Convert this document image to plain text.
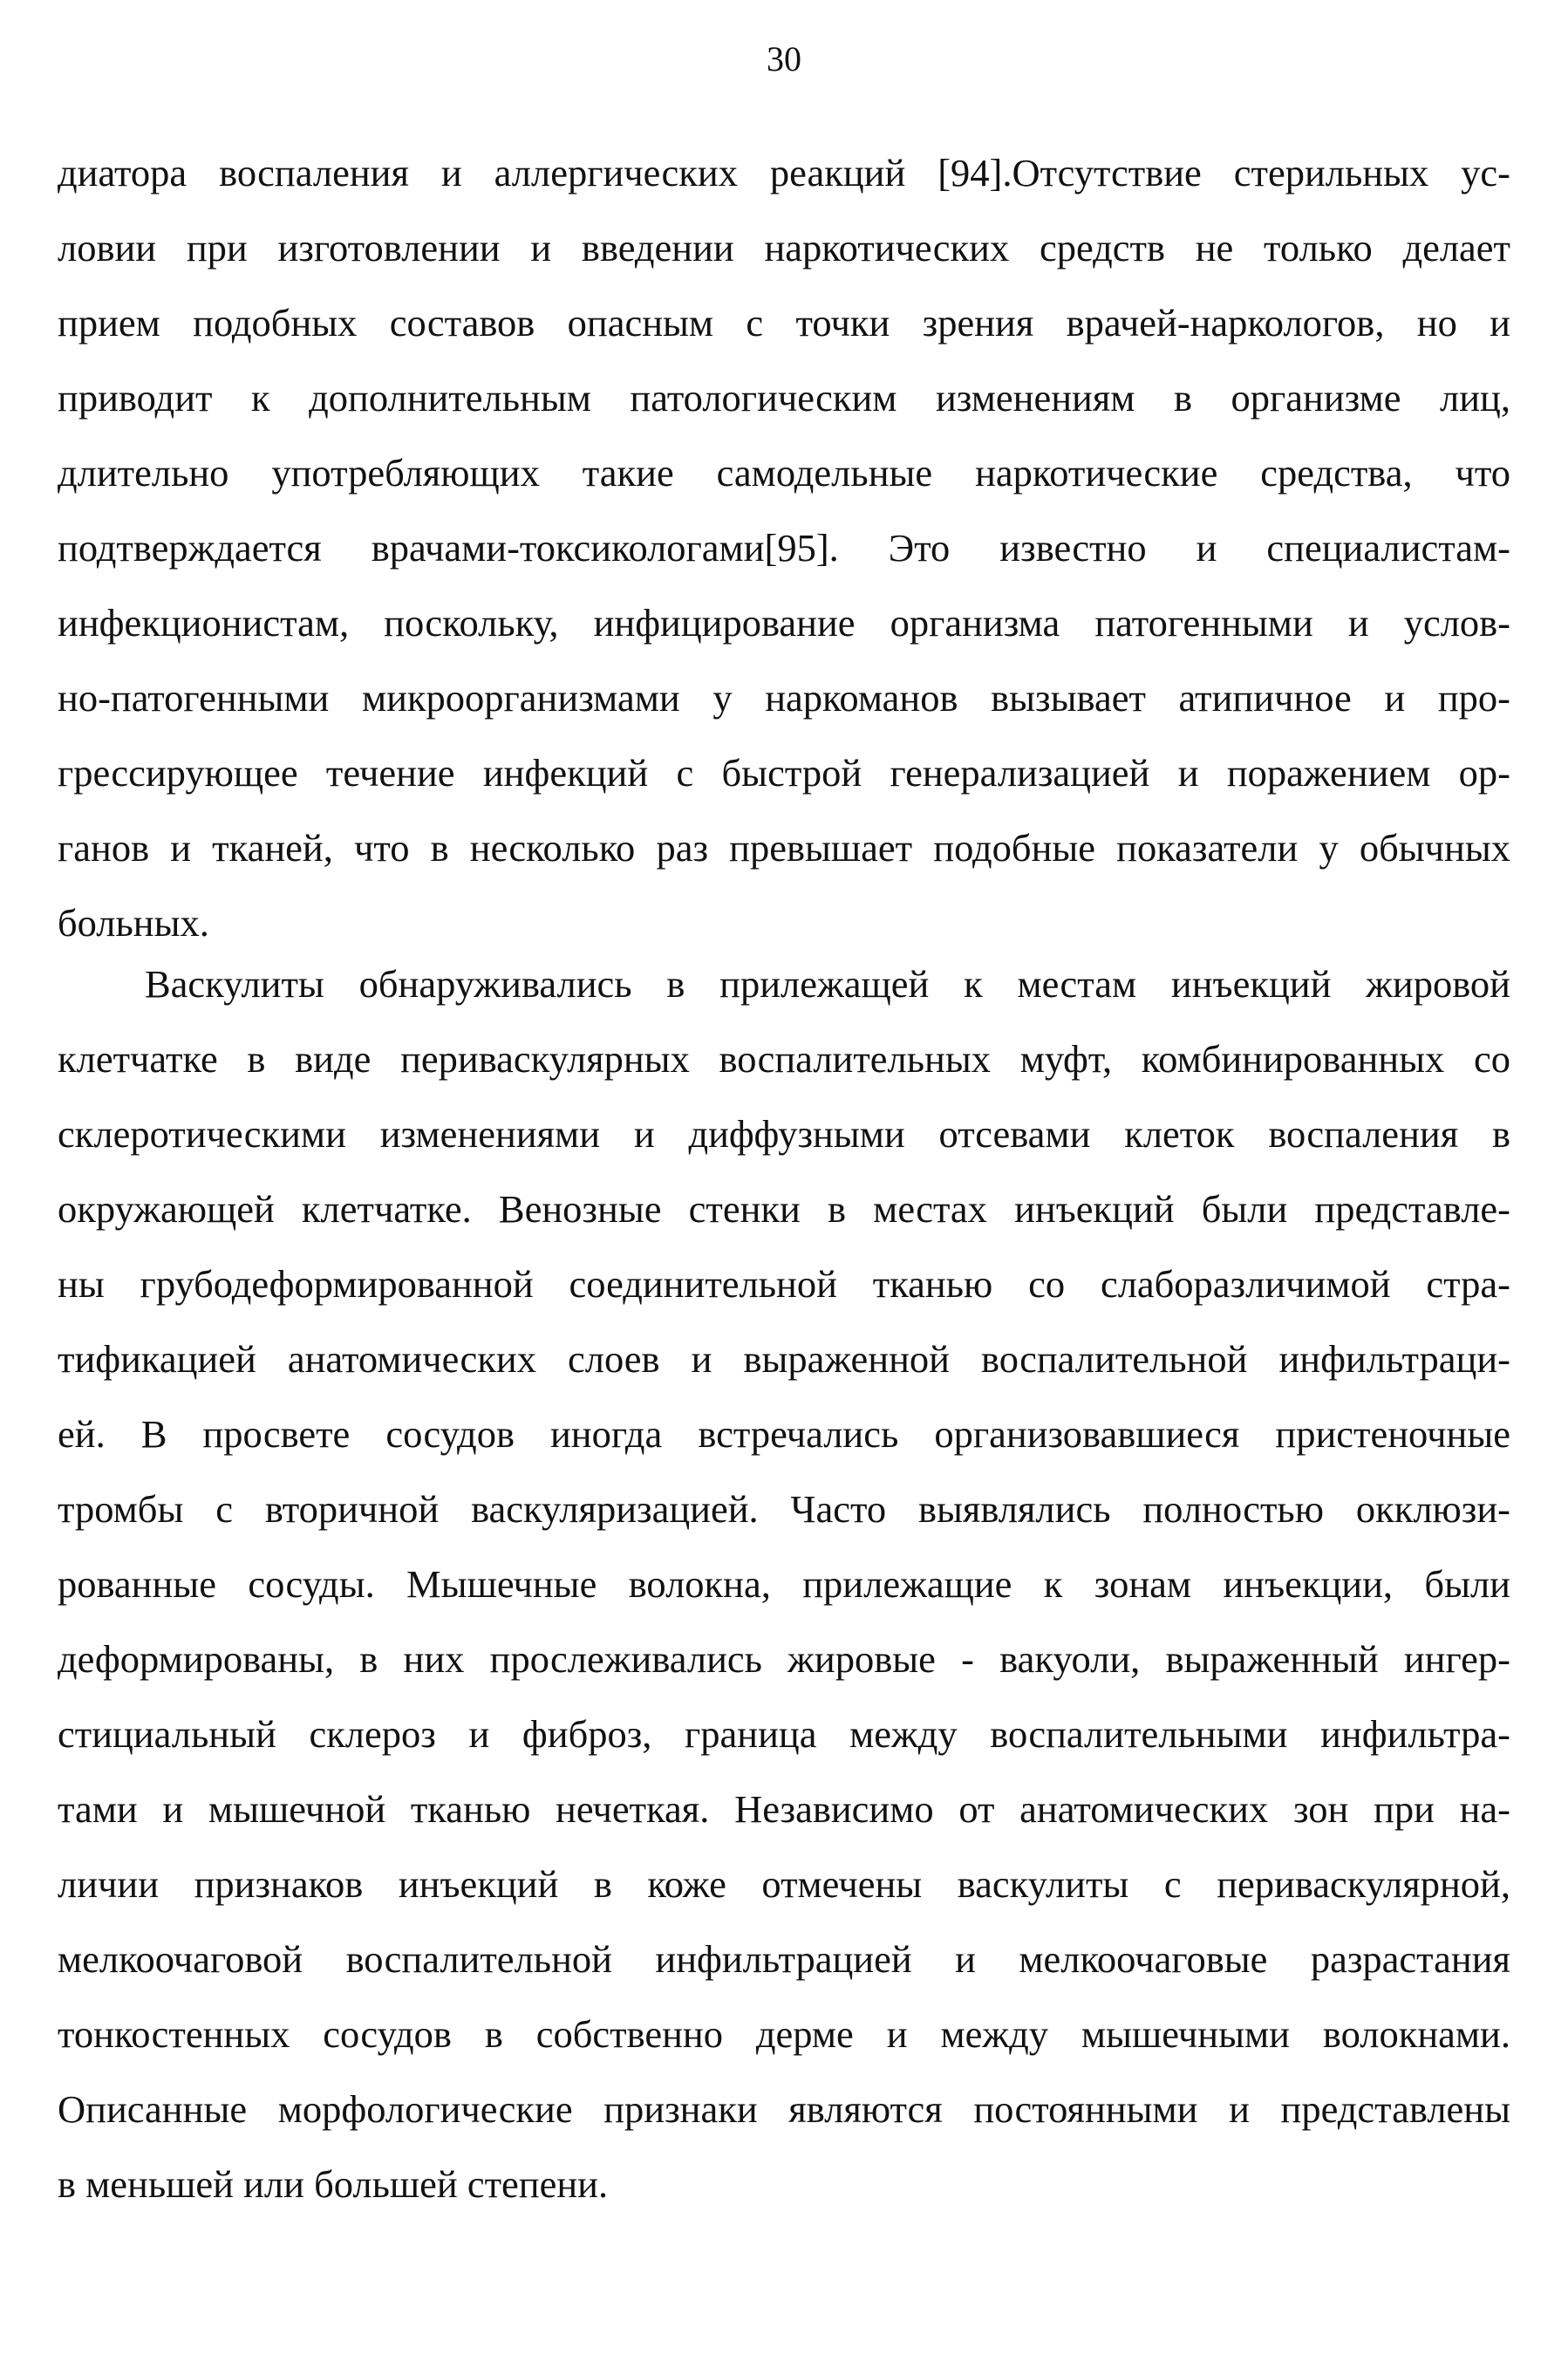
30
диатора воспаления и аллергических реакций [94].Отсутствие стерильных ус-
ловии при изготовлении и введении наркотических средств не только делает
прием подобных составов опасным с точки зрения врачей-наркологов, но и
приводит к дополнительным патологическим изменениям в организме лиц,
длительно употребляющих такие самодельные наркотические средства, что
подтверждается врачами-токсикологами[95]. Это известно и специалистам-
инфекционистам, поскольку, инфицирование организма патогенными и услов-
но-патогенными микроорганизмами у наркоманов вызывает атипичное и про-
грессирующее течение инфекций с быстрой генерализацией и поражением ор-
ганов и тканей, что в несколько раз превышает подобные показатели у обычных
больных.
Васкулиты обнаруживались в прилежащей к местам инъекций жировой
клетчатке в виде периваскулярных воспалительных муфт, комбинированных со
склеротическими изменениями и диффузными отсевами клеток воспаления в
окружающей клетчатке. Венозные стенки в местах инъекций были представле-
ны грубодеформированной соединительной тканью со слаборазличимой стра-
тификацией анатомических слоев и выраженной воспалительной инфильтраци-
ей. В просвете сосудов иногда встречались организовавшиеся пристеночные
тромбы с вторичной васкуляризацией. Часто выявлялись полностью окклюзи-
рованные сосуды. Мышечные волокна, прилежащие к зонам инъекции, были
деформированы, в них прослеживались жировые - вакуоли, выраженный ингер-
стициальный склероз и фиброз, граница между воспалительными инфильтра-
тами и мышечной тканью нечеткая. Независимо от анатомических зон при на-
личии признаков инъекций в коже отмечены васкулиты с периваскулярной,
мелкоочаговой воспалительной инфильтрацией и мелкоочаговые разрастания
тонкостенных сосудов в собственно дерме и между мышечными волокнами.
Описанные морфологические признаки являются постоянными и представлены
в меньшей или большей степени.
